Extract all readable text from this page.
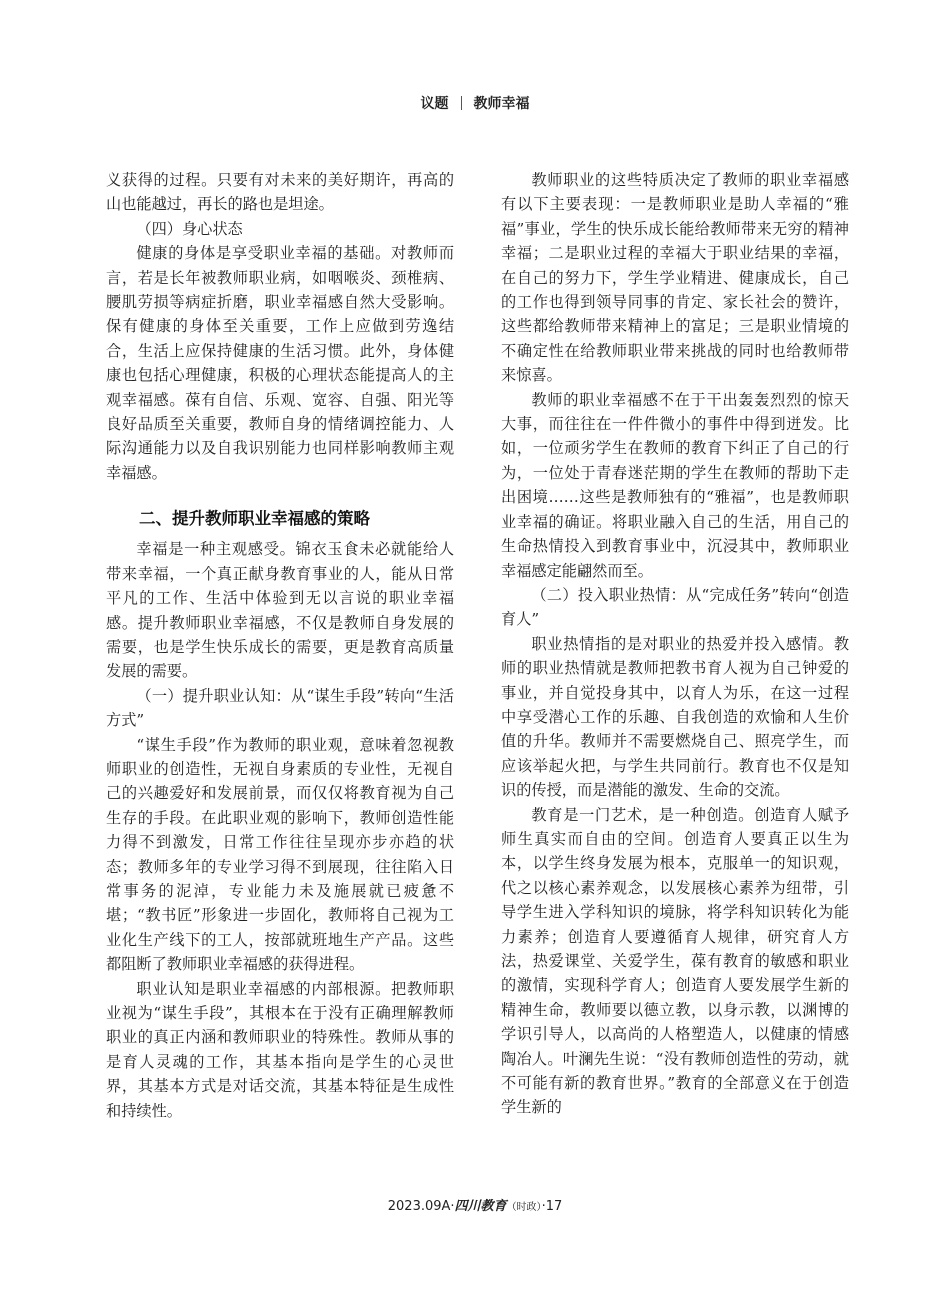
议题 教师幸福

义获得的过程。只要有对未来的美好期许，再高的山也能越过，再长的路也是坦途。

（四）身心状态

健康的身体是享受职业幸福的基础。对教师而言，若是长年被教师职业病，如咽喉炎、颈椎病、腰肌劳损等病症折磨，职业幸福感自然大受影响。保有健康的身体至关重要，工作上应做到劳逸结合，生活上应保持健康的生活习惯。此外，身体健康也包括心理健康，积极的心理状态能提高人的主观幸福感。葆有自信、乐观、宽容、自强、阳光等良好品质至关重要，教师自身的情绪调控能力、人际沟通能力以及自我识别能力也同样影响教师主观幸福感。

二、提升教师职业幸福感的策略

幸福是一种主观感受。锦衣玉食未必就能给人带来幸福，一个真正献身教育事业的人，能从日常平凡的工作、生活中体验到无以言说的职业幸福感。提升教师职业幸福感，不仅是教师自身发展的需要，也是学生快乐成长的需要，更是教育高质量发展的需要。

（一）提升职业认知：从“谋生手段”转向“生活方式”

“谋生手段”作为教师的职业观，意味着忽视教师职业的创造性，无视自身素质的专业性，无视自己的兴趣爱好和发展前景，而仅仅将教育视为自己生存的手段。在此职业观的影响下，教师创造性能力得不到激发，日常工作往往呈现亦步亦趋的状态；教师多年的专业学习得不到展现，往往陷入日常事务的泥淖，专业能力未及施展就已疲惫不堪；“教书匠”形象进一步固化，教师将自己视为工业化生产线下的工人，按部就班地生产产品。这些都阻断了教师职业幸福感的获得进程。

职业认知是职业幸福感的内部根源。把教师职业视为“谋生手段”，其根本在于没有正确理解教师职业的真正内涵和教师职业的特殊性。教师从事的是育人灵魂的工作，其基本指向是学生的心灵世界，其基本方式是对话交流，其基本特征是生成性和持续性。

教师职业的这些特质决定了教师的职业幸福感有以下主要表现：一是教师职业是助人幸福的“雅福”事业，学生的快乐成长能给教师带来无穷的精神幸福；二是职业过程的幸福大于职业结果的幸福，在自己的努力下，学生学业精进、健康成长，自己的工作也得到领导同事的肯定、家长社会的赞许，这些都给教师带来精神上的富足；三是职业情境的不确定性在给教师职业带来挑战的同时也给教师带来惊喜。

教师的职业幸福感不在于干出轰轰烈烈的惊天大事，而往往在一件件微小的事件中得到迸发。比如，一位顽劣学生在教师的教育下纠正了自己的行为，一位处于青春迷茫期的学生在教师的帮助下走出困境……这些是教师独有的“雅福”，也是教师职业幸福的确证。将职业融入自己的生活，用自己的生命热情投入到教育事业中，沉浸其中，教师职业幸福感定能翩然而至。

（二）投入职业热情：从“完成任务”转向“创造育人”

职业热情指的是对职业的热爱并投入感情。教师的职业热情就是教师把教书育人视为自己钟爱的事业，并自觉投身其中，以育人为乐，在这一过程中享受潜心工作的乐趣、自我创造的欢愉和人生价值的升华。教师并不需要燃烧自己、照亮学生，而应该举起火把，与学生共同前行。教育也不仅是知识的传授，而是潜能的激发、生命的交流。

教育是一门艺术，是一种创造。创造育人赋予师生真实而自由的空间。创造育人要真正以生为本，以学生终身发展为根本，克服单一的知识观，代之以核心素养观念，以发展核心素养为纽带，引导学生进入学科知识的境脉，将学科知识转化为能力素养；创造育人要遵循育人规律，研究育人方法，热爱课堂、关爱学生，葆有教育的敏感和职业的激情，实现科学育人；创造育人要发展学生新的精神生命，教师要以德立教，以身示教，以渊博的学识引导人，以高尚的人格塑造人，以健康的情感陶冶人。叶澜先生说：“没有教师创造性的劳动，就不可能有新的教育世界。”教育的全部意义在于创造学生新的

2023.09A·四川教育（时政）·17
